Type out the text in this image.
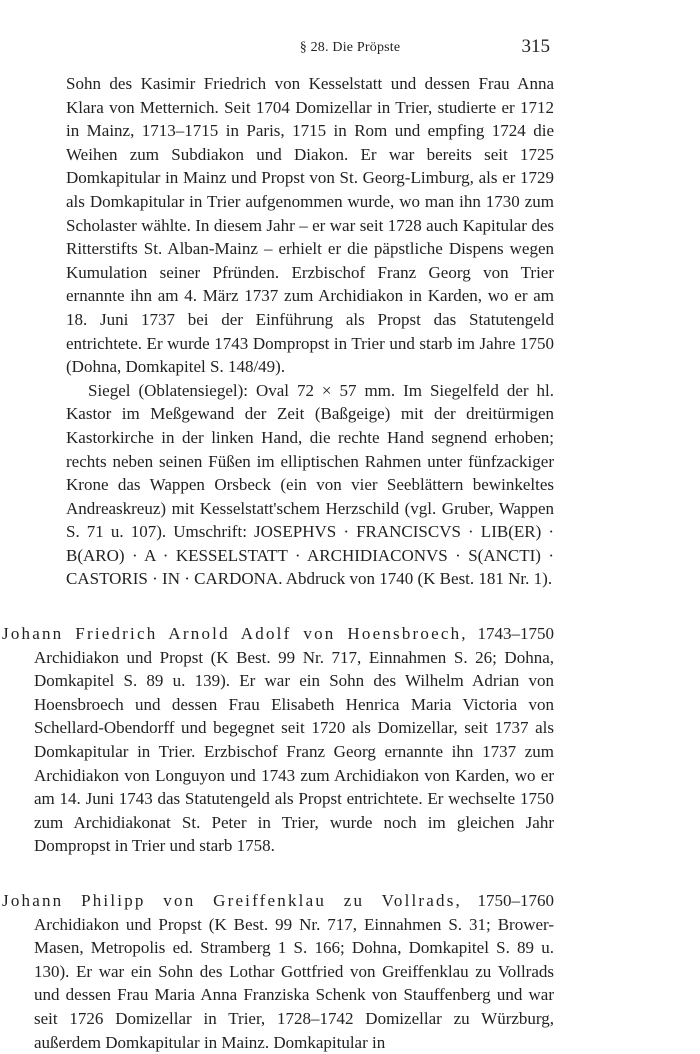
§ 28. Die Pröpste	315

Sohn des Kasimir Friedrich von Kesselstatt und dessen Frau Anna Klara von Metternich. Seit 1704 Domizellar in Trier, studierte er 1712 in Mainz, 1713–1715 in Paris, 1715 in Rom und empfing 1724 die Weihen zum Subdiakon und Diakon. Er war bereits seit 1725 Domkapitular in Mainz und Propst von St. Georg-Limburg, als er 1729 als Domkapitular in Trier aufgenommen wurde, wo man ihn 1730 zum Scholaster wählte. In diesem Jahr – er war seit 1728 auch Kapitular des Ritterstifts St. Alban-Mainz – erhielt er die päpstliche Dispens wegen Kumulation seiner Pfründen. Erzbischof Franz Georg von Trier ernannte ihn am 4. März 1737 zum Archidiakon in Karden, wo er am 18. Juni 1737 bei der Einführung als Propst das Statutengeld entrichtete. Er wurde 1743 Dompropst in Trier und starb im Jahre 1750 (Dohna, Domkapitel S. 148/49).

Siegel (Oblatensiegel): Oval 72 × 57 mm. Im Siegelfeld der hl. Kastor im Meßgewand der Zeit (Baßgeige) mit der dreitürmigen Kastorkirche in der linken Hand, die rechte Hand segnend erhoben; rechts neben seinen Füßen im elliptischen Rahmen unter fünfzackiger Krone das Wappen Orsbeck (ein von vier Seeblättern bewinkeltes Andreaskreuz) mit Kesselstatt'schem Herzschild (vgl. Gruber, Wappen S. 71 u. 107). Umschrift: JOSEPHVS · FRANCISCVS · LIB(ER) · B(ARO) · A · KESSELSTATT · ARCHIDIACONVS · S(ANCTI) · CASTORIS · IN · CARDONA. Abdruck von 1740 (K Best. 181 Nr. 1).

Johann Friedrich Arnold Adolf von Hoensbroech, 1743–1750 Archidiakon und Propst (K Best. 99 Nr. 717, Einnahmen S. 26; Dohna, Domkapitel S. 89 u. 139). Er war ein Sohn des Wilhelm Adrian von Hoensbroech und dessen Frau Elisabeth Henrica Maria Victoria von Schellard-Obendorff und begegnet seit 1720 als Domizellar, seit 1737 als Domkapitular in Trier. Erzbischof Franz Georg ernannte ihn 1737 zum Archidiakon von Longuyon und 1743 zum Archidiakon von Karden, wo er am 14. Juni 1743 das Statutengeld als Propst entrichtete. Er wechselte 1750 zum Archidiakonat St. Peter in Trier, wurde noch im gleichen Jahr Dompropst in Trier und starb 1758.

Johann Philipp von Greiffenklau zu Vollrads, 1750–1760 Archidiakon und Propst (K Best. 99 Nr. 717, Einnahmen S. 31; Brower-Masen, Metropolis ed. Stramberg 1 S. 166; Dohna, Domkapitel S. 89 u. 130). Er war ein Sohn des Lothar Gottfried von Greiffenklau zu Vollrads und dessen Frau Maria Anna Franziska Schenk von Stauffenberg und war seit 1726 Domizellar in Trier, 1728–1742 Domizellar zu Würzburg, außerdem Domkapitular in Mainz. Domkapitular in
